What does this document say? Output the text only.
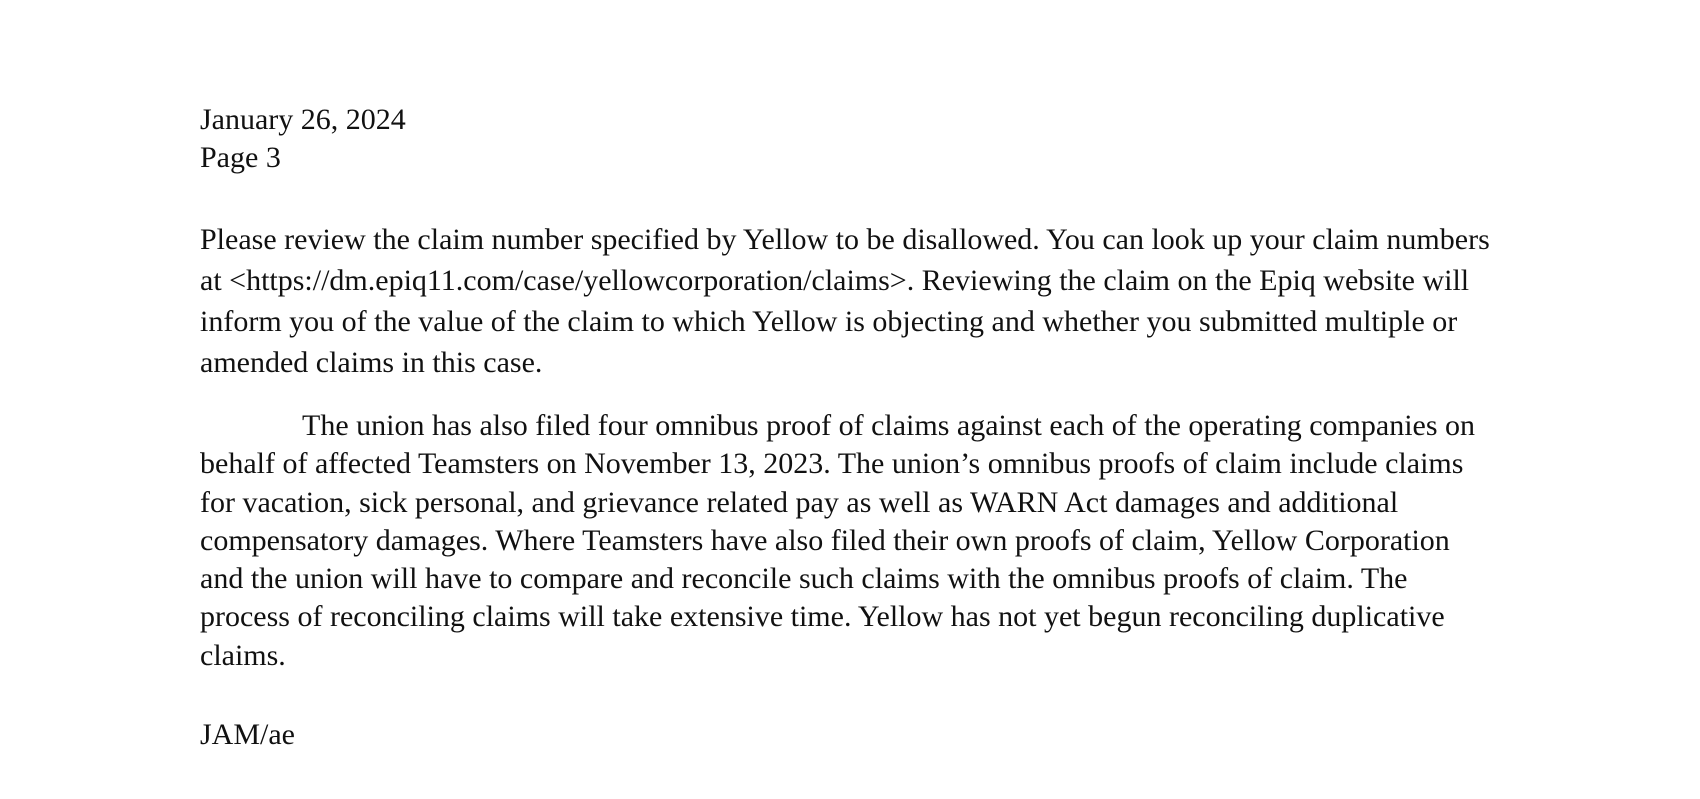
January 26, 2024

Page 3

Please review the claim number specified by Yellow to be disallowed. You can look up your claim numbers at <https://dm.epiq11.com/case/yellowcorporation/claims>. Reviewing the claim on the Epiq website will inform you of the value of the claim to which Yellow is objecting and whether you submitted multiple or amended claims in this case.

The union has also filed four omnibus proof of claims against each of the operating companies on behalf of affected Teamsters on November 13, 2023. The union’s omnibus proofs of claim include claims for vacation, sick personal, and grievance related pay as well as WARN Act damages and additional compensatory damages. Where Teamsters have also filed their own proofs of claim, Yellow Corporation and the union will have to compare and reconcile such claims with the omnibus proofs of claim. The process of reconciling claims will take extensive time. Yellow has not yet begun reconciling duplicative claims.

JAM/ae
